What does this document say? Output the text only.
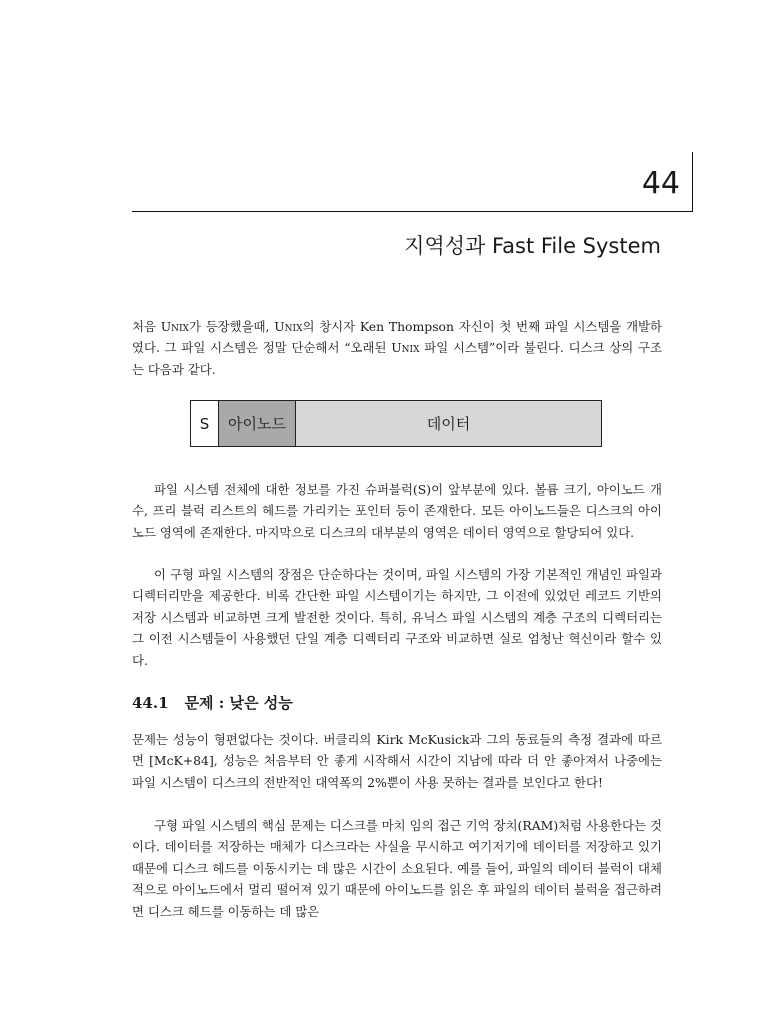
44
지역성과 Fast File System

처음 Unix가 등장했을때, Unix의 창시자 Ken Thompson 자신이 첫 번째 파일 시스템을 개발하였다. 그 파일 시스템은 정말 단순해서 “오래된 Unix 파일 시스템”이라 불린다. 디스크 상의 구조는 다음과 같다.

S	아이노드	데이터

파일 시스템 전체에 대한 정보를 가진 슈퍼블럭(S)이 앞부분에 있다. 볼륨 크기, 아이노드 개수, 프리 블럭 리스트의 헤드를 가리키는 포인터 등이 존재한다. 모든 아이노드들은 디스크의 아이노드 영역에 존재한다. 마지막으로 디스크의 대부분의 영역은 데이터 영역으로 할당되어 있다.

이 구형 파일 시스템의 장점은 단순하다는 것이며, 파일 시스템의 가장 기본적인 개념인 파일과 디렉터리만을 제공한다. 비록 간단한 파일 시스템이기는 하지만, 그 이전에 있었던 레코드 기반의 저장 시스템과 비교하면 크게 발전한 것이다. 특히, 유닉스 파일 시스템의 계층 구조의 디렉터리는 그 이전 시스템들이 사용했던 단일 계층 디렉터리 구조와 비교하면 실로 엄청난 혁신이라 할수 있다.

44.1 문제 : 낮은 성능

문제는 성능이 형편없다는 것이다. 버클리의 Kirk McKusick과 그의 동료들의 측정 결과에 따르면 [McK+84], 성능은 처음부터 안 좋게 시작해서 시간이 지남에 따라 더 안 좋아져서 나중에는 파일 시스템이 디스크의 전반적인 대역폭의 2%뿐이 사용 못하는 결과를 보인다고 한다!

구형 파일 시스템의 핵심 문제는 디스크를 마치 임의 접근 기억 장치(RAM)처럼 사용한다는 것이다. 데이터를 저장하는 매체가 디스크라는 사실을 무시하고 여기저기에 데이터를 저장하고 있기 때문에 디스크 헤드를 이동시키는 데 많은 시간이 소요된다. 예를 들어, 파일의 데이터 블럭이 대체적으로 아이노드에서 멀리 떨어져 있기 때문에 아이노드를 읽은 후 파일의 데이터 블럭을 접근하려면 디스크 헤드를 이동하는 데 많은
